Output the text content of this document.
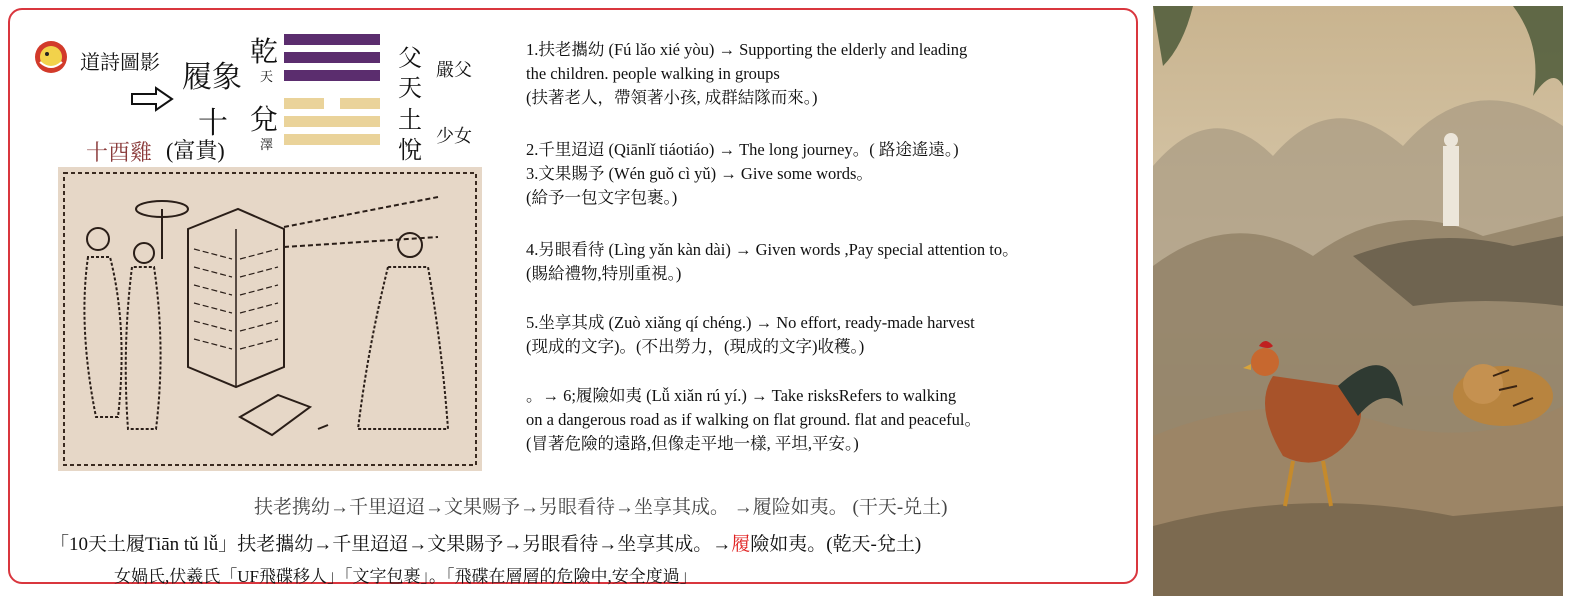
道詩圖影 履象
十
(富貴)
十酉雞
乾
天
兌
澤
父
天
土
悅
嚴父
少女
1.扶老攜幼 (Fú lǎo xié yòu) → Supporting the elderly and leading
the children. people walking in groups
(扶著老人，帶領著小孩, 成群結隊而來。)
2.千里迢迢 (Qiānlǐ tiáotiáo) → The long journey。( 路途遙遠。)
3.文果賜予 (Wén guǒ cì yǔ) → Give some words。
(給予一包文字包裹。)
4.另眼看待 (Lìng yǎn kàn dài) → Given words ,Pay special attention to。
(賜給禮物,特別重視。)
5.坐享其成 (Zuò xiǎng qí chéng.) → No effort, ready-made harvest
(现成的文字)。(不出勞力，(現成的文字)收穫。)
。→ 6;履險如夷 (Lǚ xiǎn rú yí.) → Take risksRefers to walking
on a dangerous road as if walking on flat ground. flat and peaceful。
(冒著危險的遠路,但像走平地一樣, 平坦,平安。)
扶老携幼→千里迢迢→文果赐予→另眼看待→坐享其成。 →履险如夷。 (干天-兑土)
「10天土履Tiān tǔ lǚ」扶老攜幼→千里迢迢→文果賜予→另眼看待→坐享其成。→履險如夷。(乾天-兌土)
女媧氏,伏羲氏「UF飛碟移人」「文字包裹」。「飛碟在層層的危險中,安全度過」
